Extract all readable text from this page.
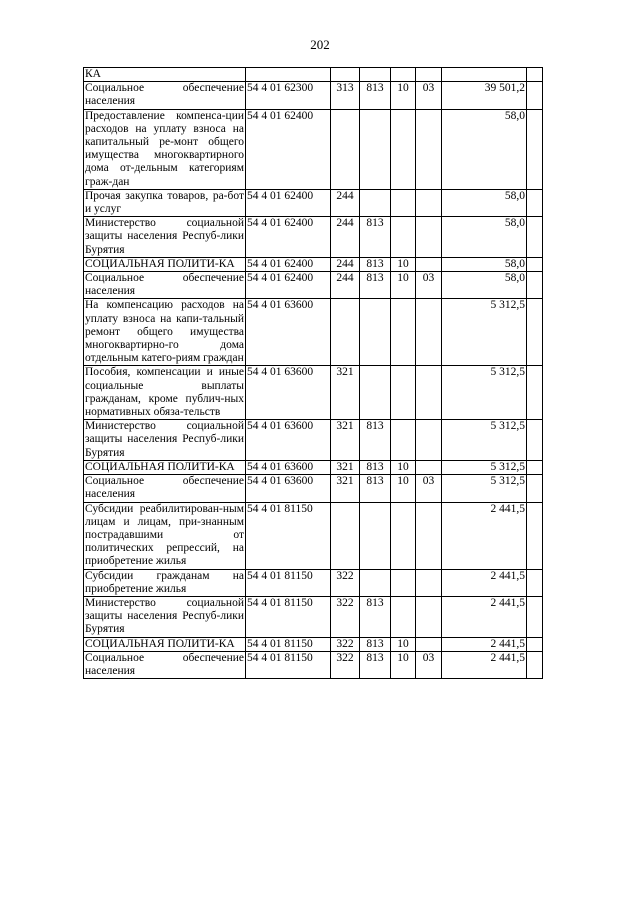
202
КА							
Социальное обеспечение населения	54 4 01 62300	313	813	10	03	39 501,2	
Предоставление компенса-ции расходов на уплату взноса на капитальный ре-монт общего имущества многоквартирного дома от-дельным категориям граж-дан	54 4 01 62400					58,0	
Прочая закупка товаров, ра-бот и услуг	54 4 01 62400	244				58,0	
Министерство социальной защиты населения Респуб-лики Бурятия	54 4 01 62400	244	813			58,0	
СОЦИАЛЬНАЯ ПОЛИТИ-КА	54 4 01 62400	244	813	10		58,0	
Социальное обеспечение населения	54 4 01 62400	244	813	10	03	58,0	
На компенсацию расходов на уплату взноса на капи-тальный ремонт общего имущества многоквартирно-го дома отдельным катего-риям граждан	54 4 01 63600					5 312,5	
Пособия, компенсации и иные социальные выплаты гражданам, кроме публич-ных нормативных обяза-тельств	54 4 01 63600	321				5 312,5	
Министерство социальной защиты населения Респуб-лики Бурятия	54 4 01 63600	321	813			5 312,5	
СОЦИАЛЬНАЯ ПОЛИТИ-КА	54 4 01 63600	321	813	10		5 312,5	
Социальное обеспечение населения	54 4 01 63600	321	813	10	03	5 312,5	
Субсидии реабилитирован-ным лицам и лицам, при-знанным пострадавшими от политических репрессий, на приобретение жилья	54 4 01 81150					2 441,5	
Субсидии гражданам на приобретение жилья	54 4 01 81150	322				2 441,5	
Министерство социальной защиты населения Респуб-лики Бурятия	54 4 01 81150	322	813			2 441,5	
СОЦИАЛЬНАЯ ПОЛИТИ-КА	54 4 01 81150	322	813	10		2 441,5	
Социальное обеспечение населения	54 4 01 81150	322	813	10	03	2 441,5	
